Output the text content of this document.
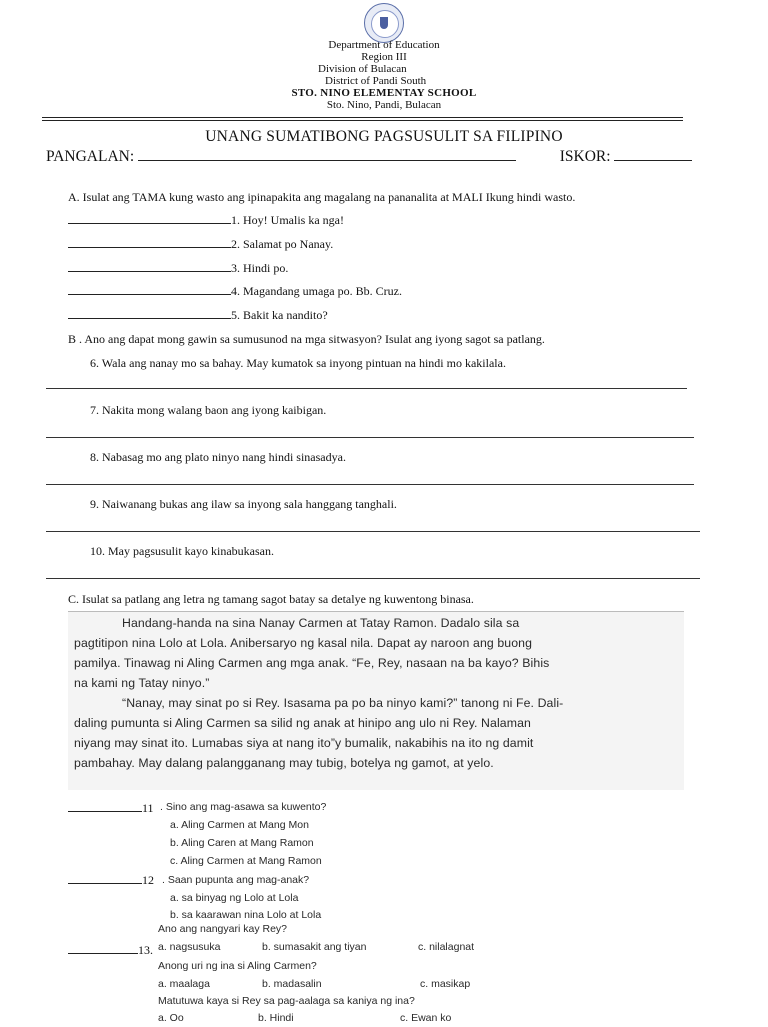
Department of Education
Region III
Division of Bulacan
District of Pandi South
STO. NINO ELEMENTAY SCHOOL
Sto. Nino, Pandi, Bulacan
UNANG SUMATIBONG PAGSUSULIT SA FILIPINO
PANGALAN:	ISKOR:
A. Isulat ang TAMA kung wasto ang ipinapakita ang magalang na pananalita at MALI Ikung hindi wasto.
1. Hoy! Umalis ka nga!
2. Salamat po Nanay.
3. Hindi po.
4. Magandang umaga po. Bb. Cruz.
5. Bakit ka nandito?
B . Ano ang dapat mong gawin sa sumusunod na mga sitwasyon? Isulat ang iyong sagot sa patlang.
6. Wala ang nanay mo sa bahay. May kumatok sa inyong pintuan na hindi mo kakilala.
7. Nakita mong walang baon ang iyong kaibigan.
8. Nabasag mo ang plato ninyo nang hindi sinasadya.
9. Naiwanang bukas ang ilaw sa inyong sala hanggang tanghali.
10. May pagsusulit kayo kinabukasan.
C. Isulat sa patlang ang letra ng tamang sagot batay sa detalye ng kuwentong binasa.

Handang-handa na sina Nanay Carmen at Tatay Ramon. Dadalo sila sa

pagtitipon nina Lolo at Lola. Anibersaryo ng kasal nila. Dapat ay naroon ang buong

pamilya. Tinawag ni Aling Carmen ang mga anak. “Fe, Rey, nasaan na ba kayo? Bihis

na kami ng Tatay ninyo.”

“Nanay, may sinat po si Rey. Isasama pa po ba ninyo kami?” tanong ni Fe. Dali-

daling pumunta si Aling Carmen sa silid ng anak at hinipo ang ulo ni Rey. Nalaman

niyang may sinat ito. Lumabas siya at nang ito”y bumalik, nakabihis na ito ng damit

pambahay. May dalang palangganang may tubig, botelya ng gamot, at yelo.

11 . Sino ang mag-asawa sa kuwento?
a. Aling Carmen at Mang Mon
b. Aling Caren at Mang Ramon
c. Aling Carmen at Mang Ramon
12 . Saan pupunta ang mag-anak?
a. sa binyag ng Lolo at Lola
b. sa kaarawan nina Lolo at Lola
Ano ang nangyari kay Rey?
13. a. nagsusuka	b. sumasakit ang tiyan	c. nilalagnat
Anong uri ng ina si Aling Carmen?
a. maalaga	b. madasalin	c. masikap
Matutuwa kaya si Rey sa pag-aalaga sa kaniya ng ina?
a. Oo	b. Hindi	c. Ewan ko
